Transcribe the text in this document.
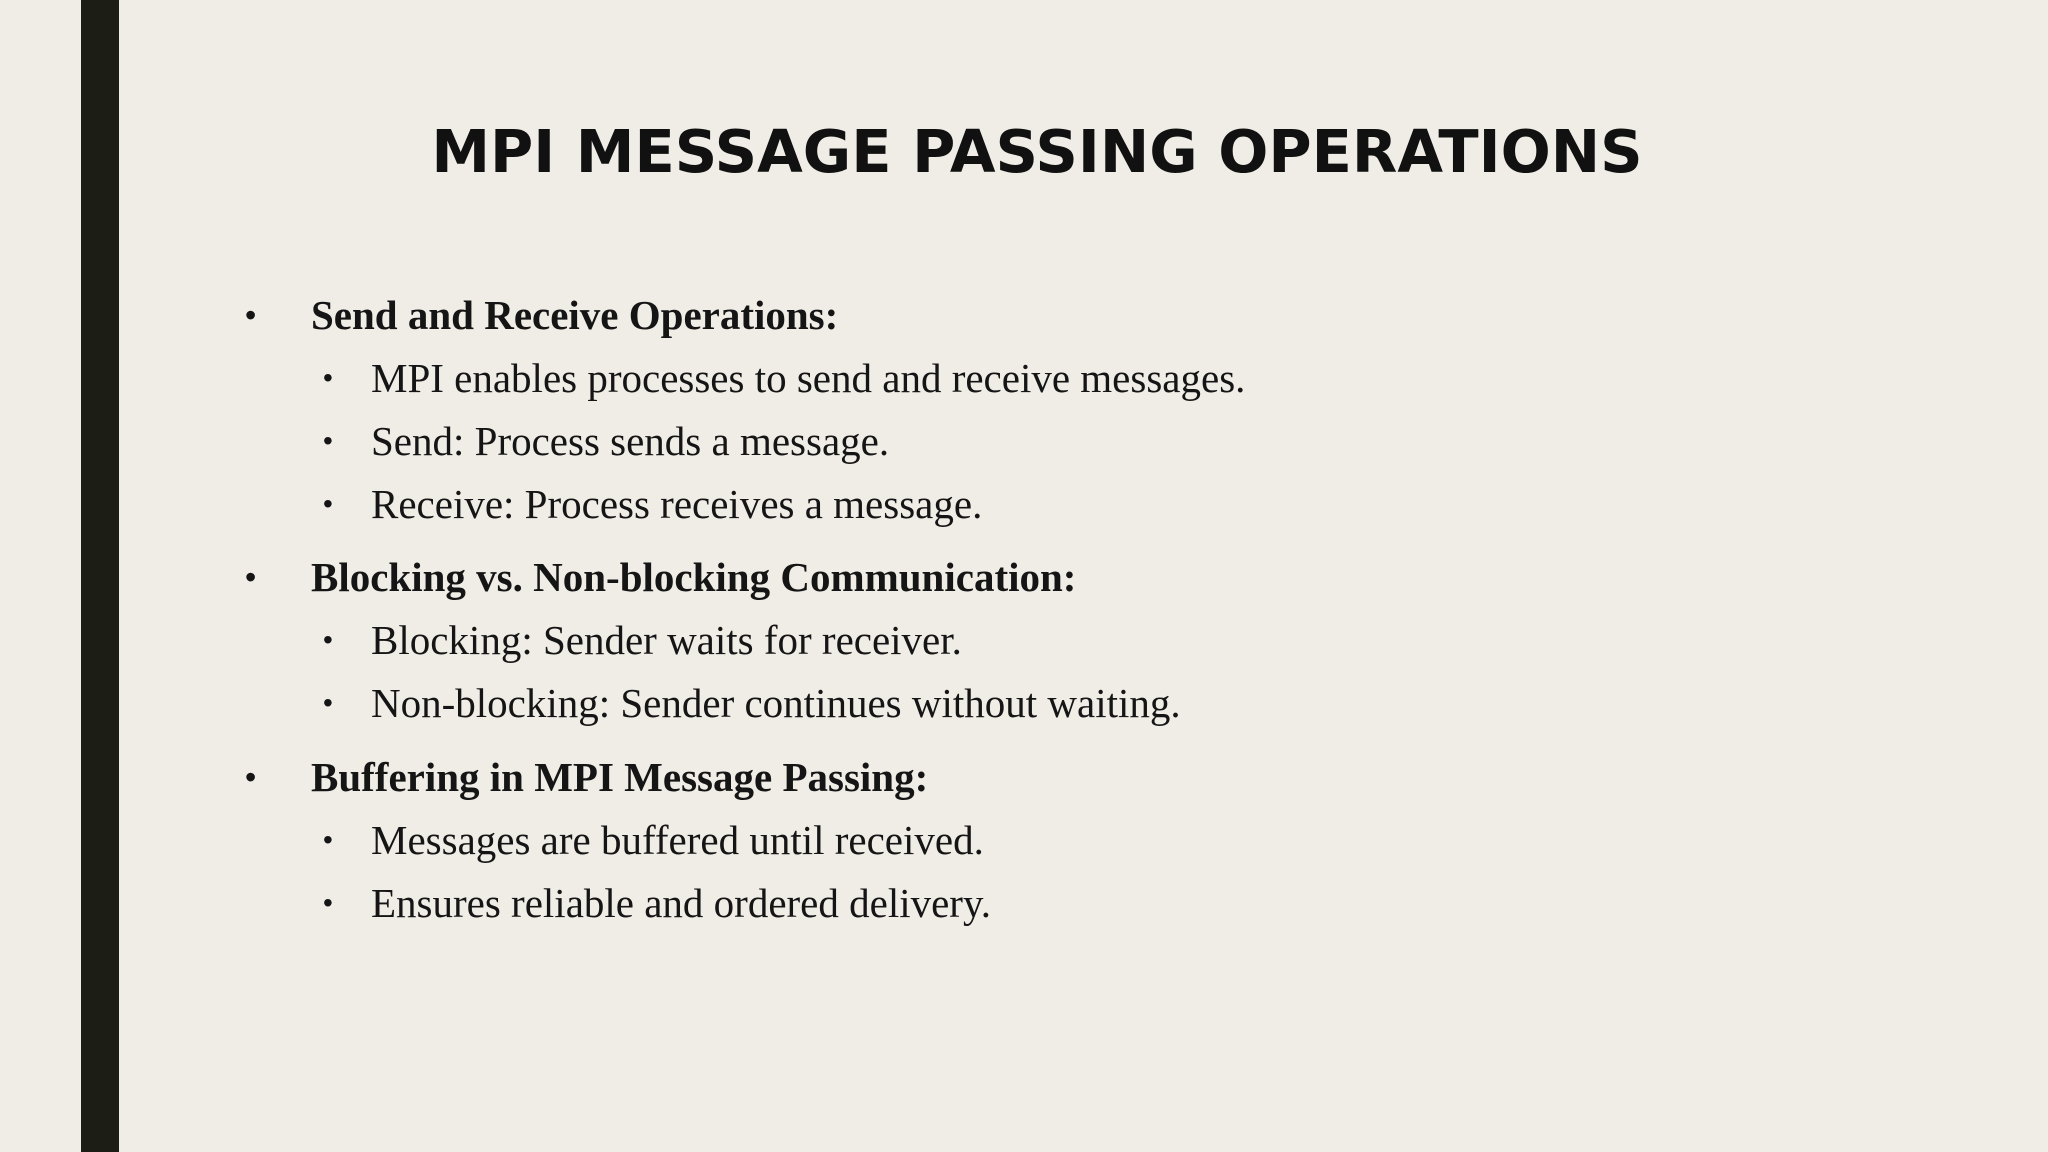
MPI MESSAGE PASSING OPERATIONS
• Send and Receive Operations:
• MPI enables processes to send and receive messages.
• Send: Process sends a message.
• Receive: Process receives a message.
• Blocking vs. Non-blocking Communication:
• Blocking: Sender waits for receiver.
• Non-blocking: Sender continues without waiting.
• Buffering in MPI Message Passing:
• Messages are buffered until received.
• Ensures reliable and ordered delivery.
